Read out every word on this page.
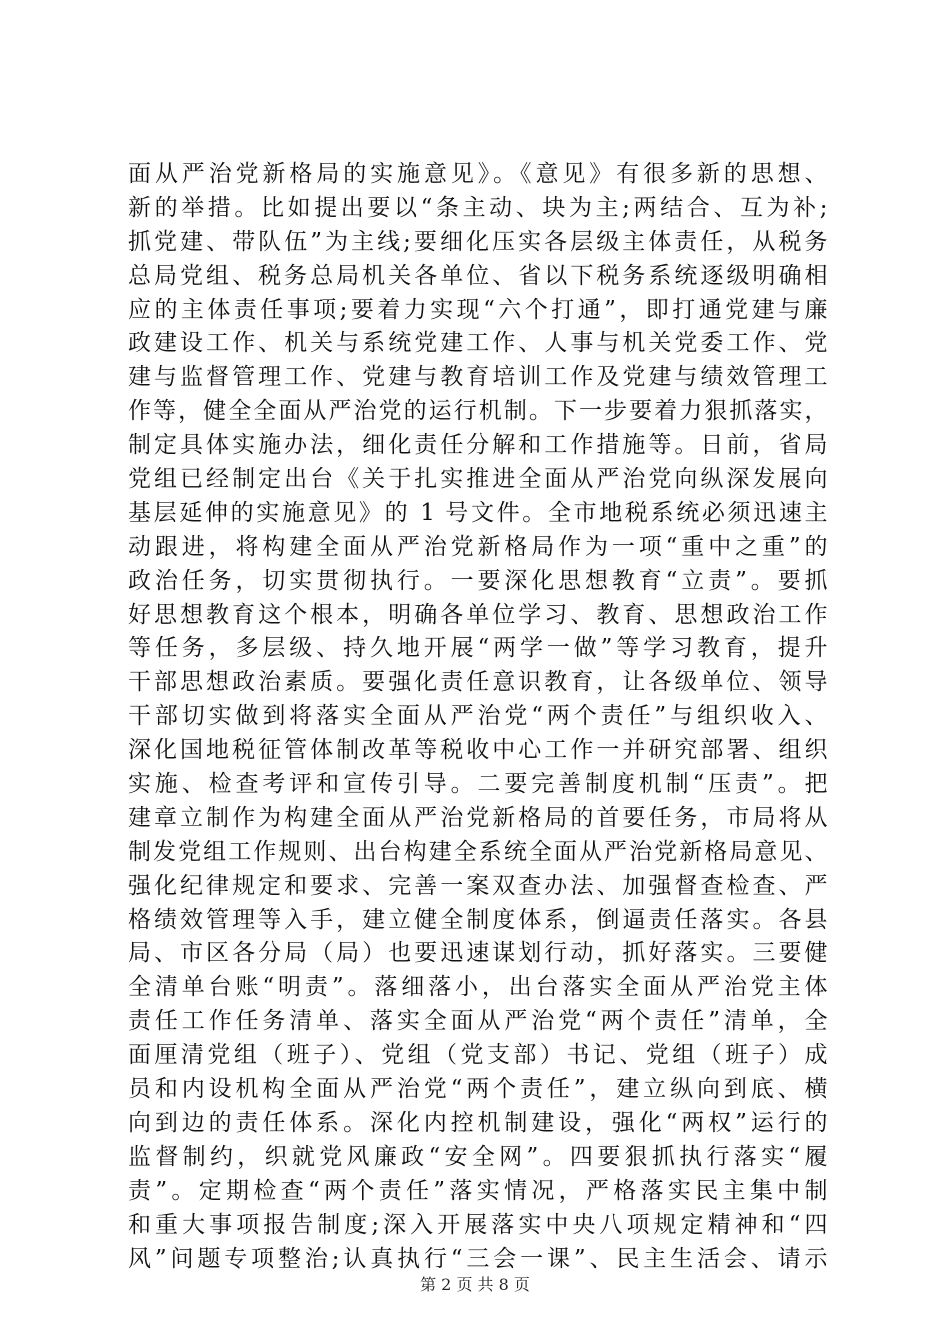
面从严治党新格局的实施意见》。《意见》有很多新的思想、
新的举措。比如提出要以“条主动、块为主;两结合、互为补;
抓党建、带队伍”为主线;要细化压实各层级主体责任，从税务
总局党组、税务总局机关各单位、省以下税务系统逐级明确相
应的主体责任事项;要着力实现“六个打通”，即打通党建与廉
政建设工作、机关与系统党建工作、人事与机关党委工作、党
建与监督管理工作、党建与教育培训工作及党建与绩效管理工
作等，健全全面从严治党的运行机制。下一步要着力狠抓落实，
制定具体实施办法，细化责任分解和工作措施等。日前，省局
党组已经制定出台《关于扎实推进全面从严治党向纵深发展向
基层延伸的实施意见》的 1 号文件。全市地税系统必须迅速主
动跟进，将构建全面从严治党新格局作为一项“重中之重”的
政治任务，切实贯彻执行。一要深化思想教育“立责”。要抓
好思想教育这个根本，明确各单位学习、教育、思想政治工作
等任务，多层级、持久地开展“两学一做”等学习教育，提升
干部思想政治素质。要强化责任意识教育，让各级单位、领导
干部切实做到将落实全面从严治党“两个责任”与组织收入、
深化国地税征管体制改革等税收中心工作一并研究部署、组织
实施、检查考评和宣传引导。二要完善制度机制“压责”。把
建章立制作为构建全面从严治党新格局的首要任务，市局将从
制发党组工作规则、出台构建全系统全面从严治党新格局意见、
强化纪律规定和要求、完善一案双查办法、加强督查检查、严
格绩效管理等入手，建立健全制度体系，倒逼责任落实。各县
局、市区各分局（局）也要迅速谋划行动，抓好落实。三要健
全清单台账“明责”。落细落小，出台落实全面从严治党主体
责任工作任务清单、落实全面从严治党“两个责任”清单，全
面厘清党组（班子）、党组（党支部）书记、党组（班子）成
员和内设机构全面从严治党“两个责任”，建立纵向到底、横
向到边的责任体系。深化内控机制建设，强化“两权”运行的
监督制约，织就党风廉政“安全网”。四要狠抓执行落实“履
责”。定期检查“两个责任”落实情况，严格落实民主集中制
和重大事项报告制度;深入开展落实中央八项规定精神和“四
风”问题专项整治;认真执行“三会一课”、民主生活会、请示
第 2 页 共 8 页
